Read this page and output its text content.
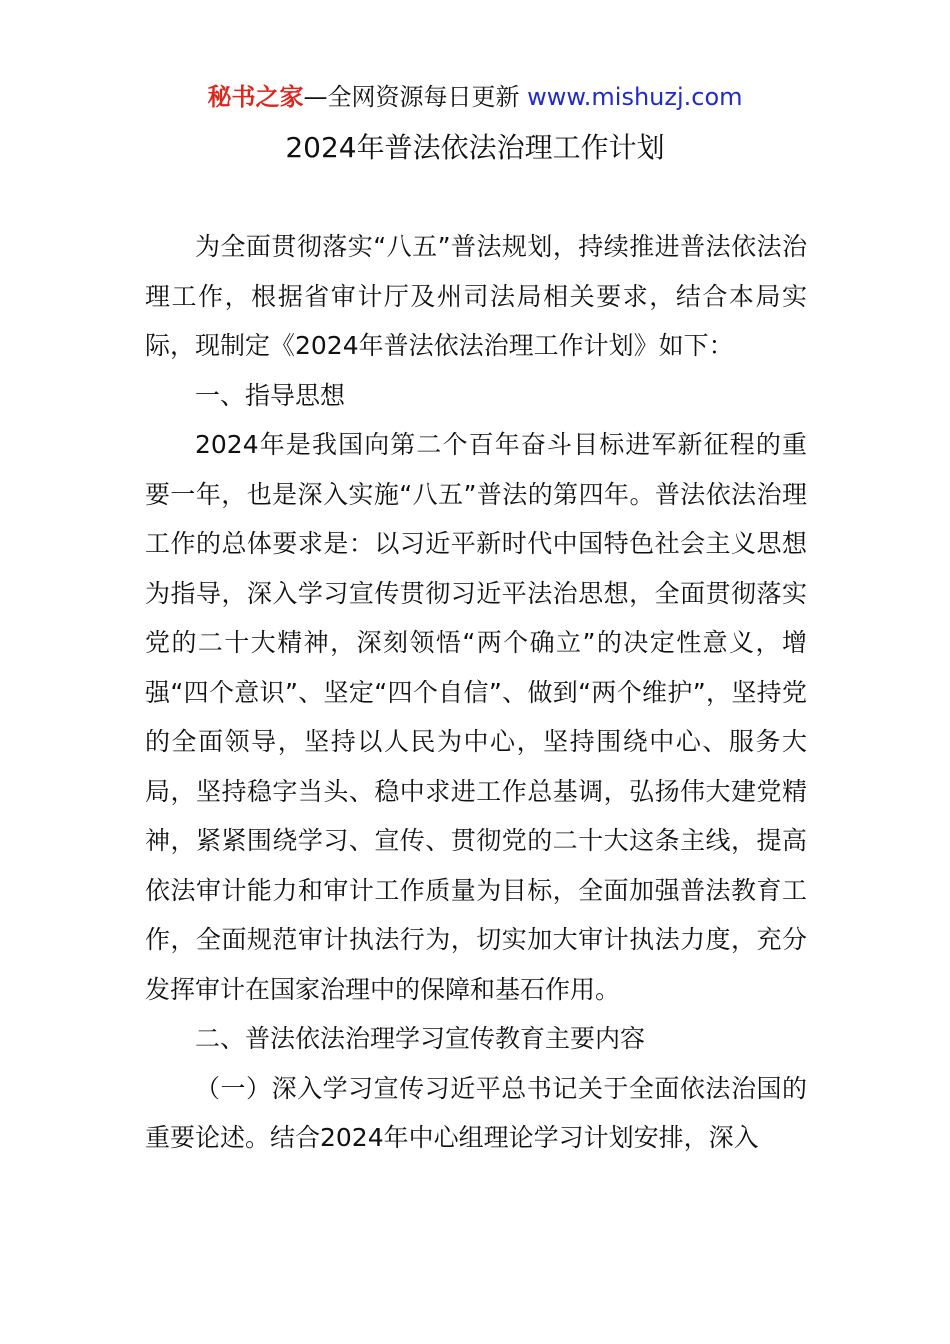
秘书之家—全网资源每日更新 www.mishuzj.com
2024年普法依法治理工作计划

为全面贯彻落实“八五”普法规划，持续推进普法依法治理工作，根据省审计厅及州司法局相关要求，结合本局实际，现制定《2024年普法依法治理工作计划》如下：

一、指导思想

2024年是我国向第二个百年奋斗目标进军新征程的重要一年，也是深入实施“八五”普法的第四年。普法依法治理工作的总体要求是：以习近平新时代中国特色社会主义思想为指导，深入学习宣传贯彻习近平法治思想，全面贯彻落实党的二十大精神，深刻领悟“两个确立”的决定性意义，增强“四个意识”、坚定“四个自信”、做到“两个维护”，坚持党的全面领导，坚持以人民为中心，坚持围绕中心、服务大局，坚持稳字当头、稳中求进工作总基调，弘扬伟大建党精神，紧紧围绕学习、宣传、贯彻党的二十大这条主线，提高依法审计能力和审计工作质量为目标，全面加强普法教育工作，全面规范审计执法行为，切实加大审计执法力度，充分发挥审计在国家治理中的保障和基石作用。

二、普法依法治理学习宣传教育主要内容

（一）深入学习宣传习近平总书记关于全面依法治国的重要论述。结合2024年中心组理论学习计划安排，深入
